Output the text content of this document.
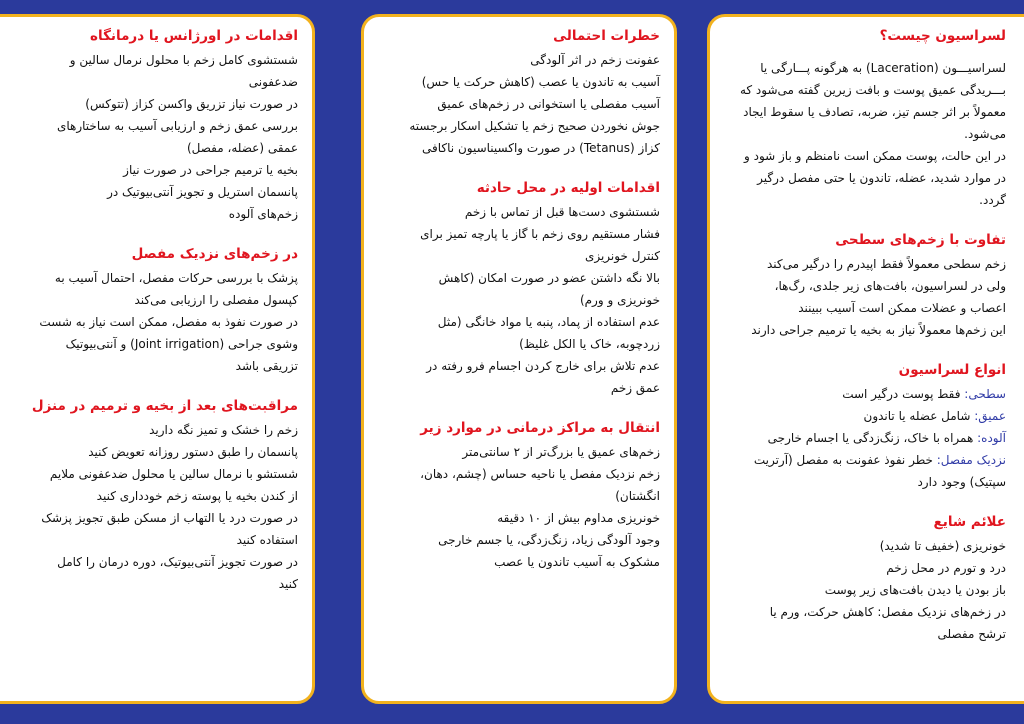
لسراسیون چیست؟

لسراسیـــون (Laceration) به هرگونه پـــارگی یا

بـــریدگی عمیق پوست و بافت زیرین گفته می‌شود که

معمولاً بر اثر جسم تیز، ضربه، تصادف یا سقوط ایجاد

می‌شود.

در این حالت، پوست ممکن است نامنظم و باز شود و

در موارد شدید، عضله، تاندون یا حتی مفصل درگیر

گردد.

تفاوت با زخم‌های سطحی

زخم سطحی معمولاً فقط اپیدرم را درگیر می‌کند

ولی در لسراسیون، بافت‌های زیر جلدی، رگ‌ها،

اعصاب و عضلات ممکن است آسیب ببینند

این زخم‌ها معمولاً نیاز به بخیه یا ترمیم جراحی دارند

انواع لسراسیون

سطحی: فقط پوست درگیر است

عمیق: شامل عضله یا تاندون

آلوده: همراه با خاک، زنگ‌زدگی یا اجسام خارجی

نزدیک مفصل: خطر نفوذ عفونت به مفصل (آرتریت

سپتیک) وجود دارد

علائم شایع

خونریزی (خفیف تا شدید)

درد و تورم در محل زخم

باز بودن یا دیدن بافت‌های زیر پوست

در زخم‌های نزدیک مفصل: کاهش حرکت، ورم یا

ترشح مفصلی

خطرات احتمالی

عفونت زخم در اثر آلودگی

آسیب به تاندون یا عصب (کاهش حرکت یا حس)

آسیب مفصلی یا استخوانی در زخم‌های عمیق

جوش نخوردن صحیح زخم یا تشکیل اسکار برجسته

کزاز (Tetanus) در صورت واکسیناسیون ناکافی

اقدامات اولیه در محل حادثه

شستشوی دست‌ها قبل از تماس با زخم

فشار مستقیم روی زخم با گاز یا پارچه تمیز برای

کنترل خونریزی

بالا نگه داشتن عضو در صورت امکان (کاهش

خونریزی و ورم)

عدم استفاده از پماد، پنبه یا مواد خانگی (مثل

زردچوبه، خاک یا الکل غلیظ)

عدم تلاش برای خارج کردن اجسام فرو رفته در

عمق زخم

انتقال به مراکز درمانی در موارد زیر

زخم‌های عمیق یا بزرگ‌تر از ۲ سانتی‌متر

زخم نزدیک مفصل یا ناحیه حساس (چشم، دهان،

انگشتان)

خونریزی مداوم بیش از ۱۰ دقیقه

وجود آلودگی زیاد، زنگ‌زدگی، یا جسم خارجی

مشکوک به آسیب تاندون یا عصب

اقدامات در اورژانس یا درمانگاه

شستشوی کامل زخم با محلول نرمال سالین و

ضدعفونی

در صورت نیاز تزریق واکسن کزاز (تتوکس)

بررسی عمق زخم و ارزیابی آسیب به ساختارهای

عمقی (عضله، مفصل)

بخیه یا ترمیم جراحی در صورت نیاز

پانسمان استریل و تجویز آنتی‌بیوتیک در

زخم‌های آلوده

در زخم‌های نزدیک مفصل

پزشک با بررسی حرکات مفصل، احتمال آسیب به

کپسول مفصلی را ارزیابی می‌کند

در صورت نفوذ به مفصل، ممکن است نیاز به شست

وشوی جراحی (Joint irrigation) و آنتی‌بیوتیک

تزریقی باشد

مراقبت‌های بعد از بخیه و ترمیم در منزل

زخم را خشک و تمیز نگه دارید

پانسمان را طبق دستور روزانه تعویض کنید

شستشو با نرمال سالین یا محلول ضدعفونی ملایم

از کندن بخیه یا پوسته زخم خودداری کنید

در صورت درد یا التهاب از مسکن طبق تجویز پزشک

استفاده کنید

در صورت تجویز آنتی‌بیوتیک، دوره درمان را کامل

کنید
